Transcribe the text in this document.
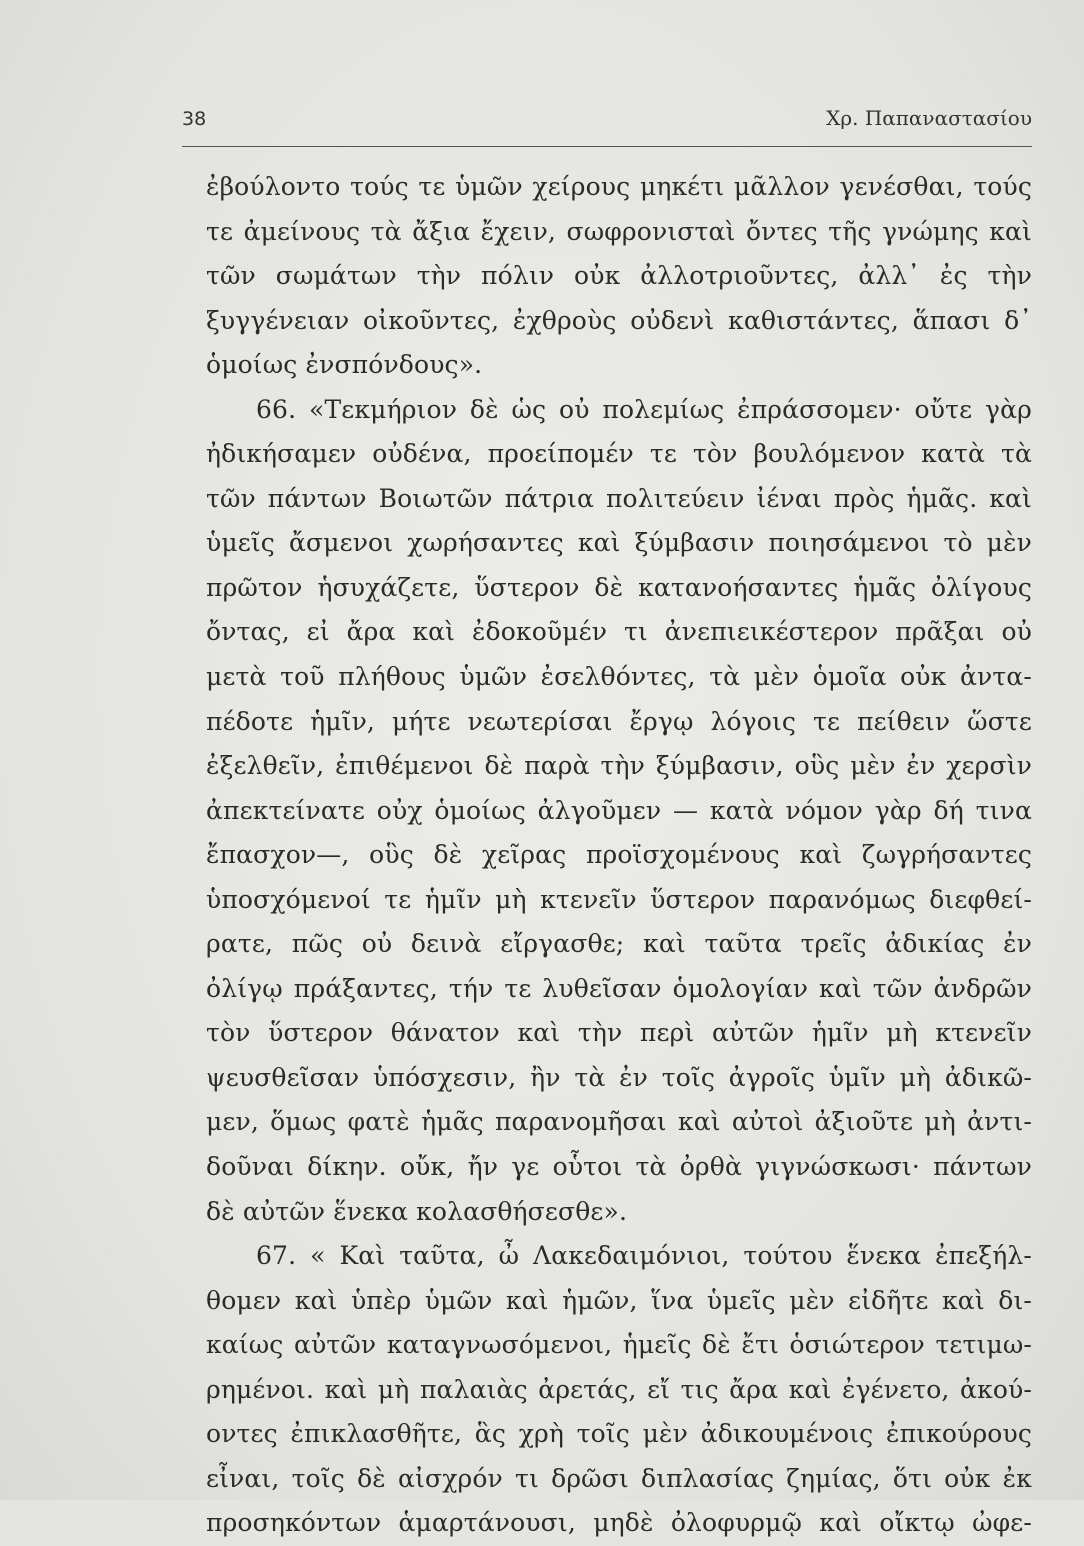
38	Χρ. Παπαναστασίου
ἐβούλοντο τούς τε ὑμῶν χείρους μηκέτι μᾶλλον γενέσθαι, τούς
τε ἀμείνους τὰ ἄξια ἔχειν, σωφρονισταὶ ὄντες τῆς γνώμης καὶ
τῶν σωμάτων τὴν πόλιν οὐκ ἀλλοτριοῦντες, ἀλλ᾿ ἐς τὴν
ξυγγένειαν οἰκοῦντες, ἐχθροὺς οὐδενὶ καθιστάντες, ἅπασι δ᾿
ὁμοίως ἐνσπόνδους».
66. «Τεκμήριον δὲ ὡς οὐ πολεμίως ἐπράσσομεν· οὔτε γὰρ
ἠδικήσαμεν οὐδένα, προείπομέν τε τὸν βουλόμενον κατὰ τὰ
τῶν πάντων Βοιωτῶν πάτρια πολιτεύειν ἰέναι πρὸς ἡμᾶς. καὶ
ὑμεῖς ἄσμενοι χωρήσαντες καὶ ξύμβασιν ποιησάμενοι τὸ μὲν
πρῶτον ἡσυχάζετε, ὕστερον δὲ κατανοήσαντες ἡμᾶς ὀλίγους
ὄντας, εἰ ἄρα καὶ ἐδοκοῦμέν τι ἀνεπιεικέστερον πρᾶξαι οὐ
μετὰ τοῦ πλήθους ὑμῶν ἐσελθόντες, τὰ μὲν ὁμοῖα οὐκ ἀντα-
πέδοτε ἡμῖν, μήτε νεωτερίσαι ἔργῳ λόγοις τε πείθειν ὥστε
ἐξελθεῖν, ἐπιθέμενοι δὲ παρὰ τὴν ξύμβασιν, οὓς μὲν ἐν χερσὶν
ἀπεκτείνατε οὐχ ὁμοίως ἀλγοῦμεν — κατὰ νόμον γὰρ δή τινα
ἔπασχον—, οὓς δὲ χεῖρας προϊσχομένους καὶ ζωγρήσαντες
ὑποσχόμενοί τε ἡμῖν μὴ κτενεῖν ὕστερον παρανόμως διεφθεί-
ρατε, πῶς οὐ δεινὰ εἴργασθε; καὶ ταῦτα τρεῖς ἀδικίας ἐν
ὀλίγῳ πράξαντες, τήν τε λυθεῖσαν ὁμολογίαν καὶ τῶν ἀνδρῶν
τὸν ὕστερον θάνατον καὶ τὴν περὶ αὐτῶν ἡμῖν μὴ κτενεῖν
ψευσθεῖσαν ὑπόσχεσιν, ἢν τὰ ἐν τοῖς ἀγροῖς ὑμῖν μὴ ἀδικῶ-
μεν, ὅμως φατὲ ἡμᾶς παρανομῆσαι καὶ αὐτοὶ ἀξιοῦτε μὴ ἀντι-
δοῦναι δίκην. οὔκ, ἤν γε οὗτοι τὰ ὀρθὰ γιγνώσκωσι· πάντων
δὲ αὐτῶν ἕνεκα κολασθήσεσθε».
67. « Καὶ ταῦτα, ὦ Λακεδαιμόνιοι, τούτου ἕνεκα ἐπεξήλ-
θομεν καὶ ὑπὲρ ὑμῶν καὶ ἡμῶν, ἵνα ὑμεῖς μὲν εἰδῆτε καὶ δι-
καίως αὐτῶν καταγνωσόμενοι, ἡμεῖς δὲ ἔτι ὁσιώτερον τετιμω-
ρημένοι. καὶ μὴ παλαιὰς ἀρετάς, εἴ τις ἄρα καὶ ἐγένετο, ἀκού-
οντες ἐπικλασθῆτε, ἃς χρὴ τοῖς μὲν ἀδικουμένοις ἐπικούρους
εἶναι, τοῖς δὲ αἰσχρόν τι δρῶσι διπλασίας ζημίας, ὅτι οὐκ ἐκ
προσηκόντων ἁμαρτάνουσι, μηδὲ ὀλοφυρμῷ καὶ οἴκτῳ ὠφε-
